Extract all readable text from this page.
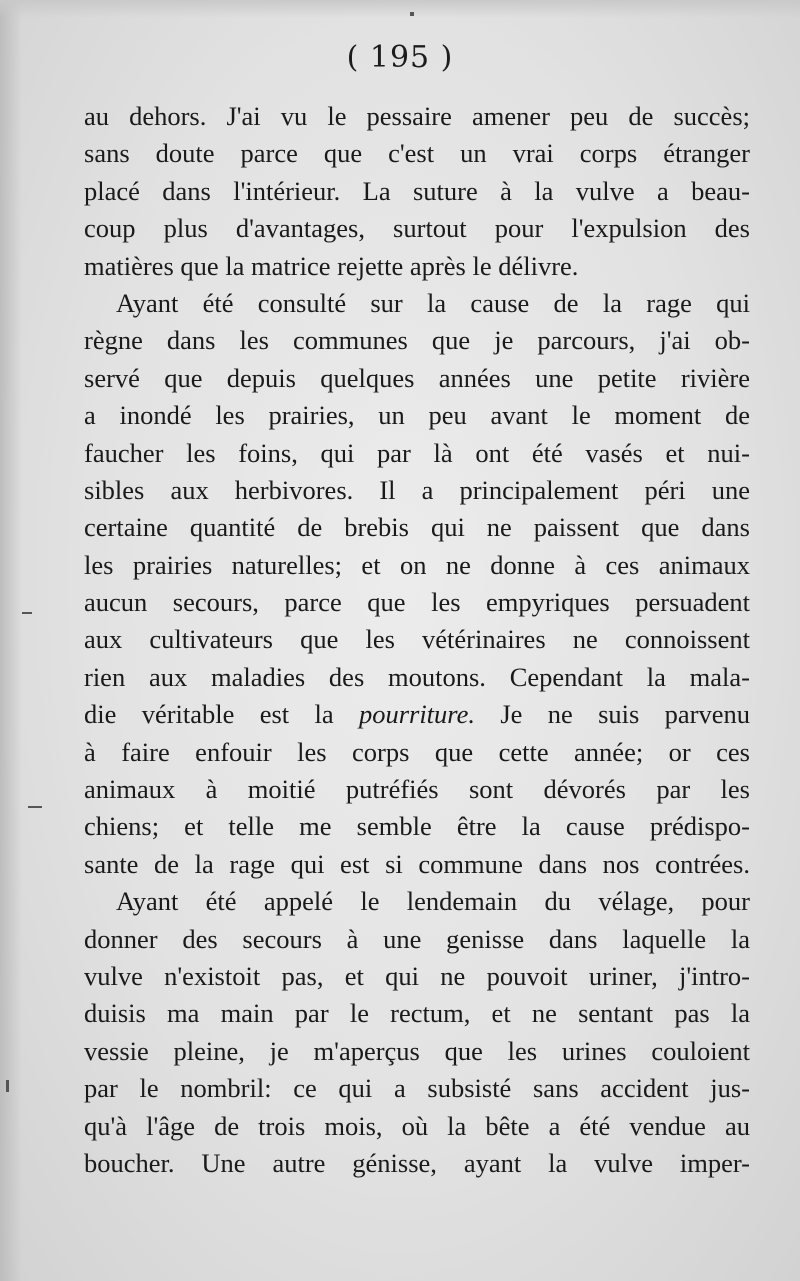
( 195 )
au dehors. J'ai vu le pessaire amener peu de succès;
sans doute parce que c'est un vrai corps étranger
placé dans l'intérieur. La suture à la vulve a beau-
coup plus d'avantages, surtout pour l'expulsion des
matières que la matrice rejette après le délivre.
Ayant été consulté sur la cause de la rage qui
règne dans les communes que je parcours, j'ai ob-
servé que depuis quelques années une petite rivière
a inondé les prairies, un peu avant le moment de
faucher les foins, qui par là ont été vasés et nui-
sibles aux herbivores. Il a principalement péri une
certaine quantité de brebis qui ne paissent que dans
les prairies naturelles; et on ne donne à ces animaux
aucun secours, parce que les empyriques persuadent
aux cultivateurs que les vétérinaires ne connoissent
rien aux maladies des moutons. Cependant la mala-
die véritable est la pourriture. Je ne suis parvenu
à faire enfouir les corps que cette année; or ces
animaux à moitié putréfiés sont dévorés par les
chiens; et telle me semble être la cause prédispo-
sante de la rage qui est si commune dans nos contrées.
Ayant été appelé le lendemain du vélage, pour
donner des secours à une genisse dans laquelle la
vulve n'existoit pas, et qui ne pouvoit uriner, j'intro-
duisis ma main par le rectum, et ne sentant pas la
vessie pleine, je m'aperçus que les urines couloient
par le nombril: ce qui a subsisté sans accident jus-
qu'à l'âge de trois mois, où la bête a été vendue au
boucher. Une autre génisse, ayant la vulve imper-
